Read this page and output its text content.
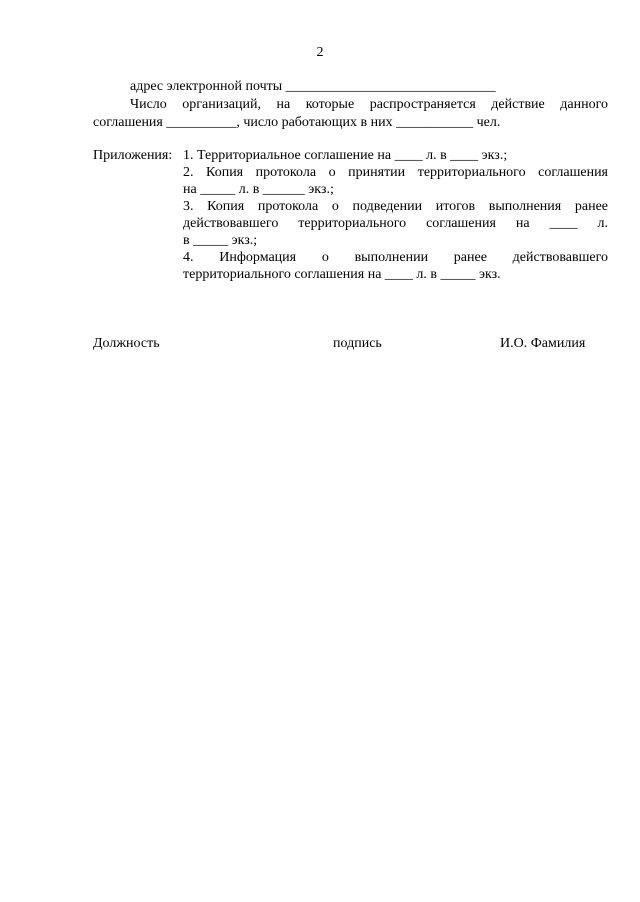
2
адрес электронной почты ______________________________
Число организаций, на которые распространяется действие данного
соглашения __________, число работающих в них ___________ чел.
Приложения: 1. Территориальное соглашение на ____ л. в ____ экз.;
2. Копия протокола о принятии территориального соглашения
на _____ л. в ______ экз.;
3. Копия протокола о подведении итогов выполнения ранее
действовавшего территориального соглашения на ____ л.
в _____ экз.;
4. Информация о выполнении ранее действовавшего
территориального соглашения на ____ л. в _____ экз.
Должность	подпись	И.О. Фамилия
